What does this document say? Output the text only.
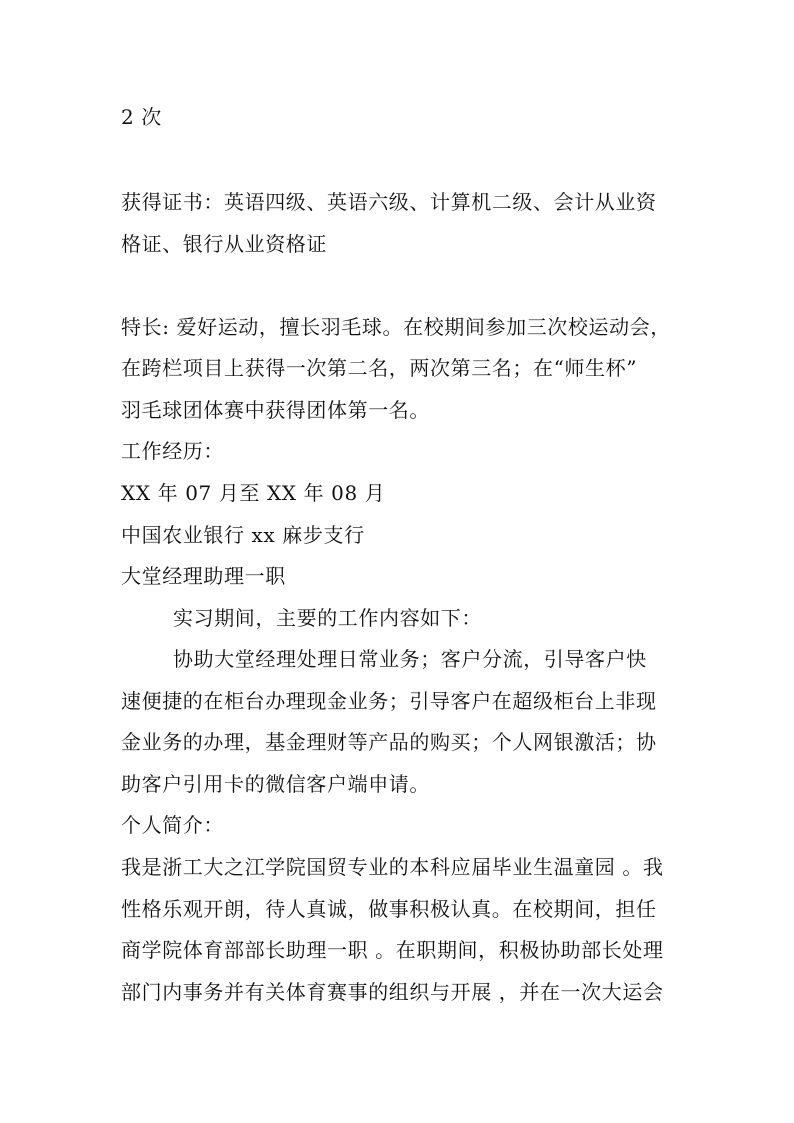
2 次
获得证书：英语四级、英语六级、计算机二级、会计从业资
格证、银行从业资格证
特长: 爱好运动，擅长羽毛球。在校期间参加三次校运动会，
在跨栏项目上获得一次第二名，两次第三名；在“师生杯”
羽毛球团体赛中获得团体第一名。
工作经历：
XX 年 07 月至 XX 年 08 月
中国农业银行 xx 麻步支行
大堂经理助理一职
实习期间，主要的工作内容如下：
协助大堂经理处理日常业务；客户分流，引导客户快
速便捷的在柜台办理现金业务；引导客户在超级柜台上非现
金业务的办理，基金理财等产品的购买；个人网银激活；协
助客户引用卡的微信客户端申请。
个人简介：
我是浙工大之江学院国贸专业的本科应届毕业生温童园 。我
性格乐观开朗，待人真诚，做事积极认真。在校期间，担任
商学院体育部部长助理一职 。在职期间，积极协助部长处理
部门内事务并有关体育赛事的组织与开展 ，并在一次大运会
